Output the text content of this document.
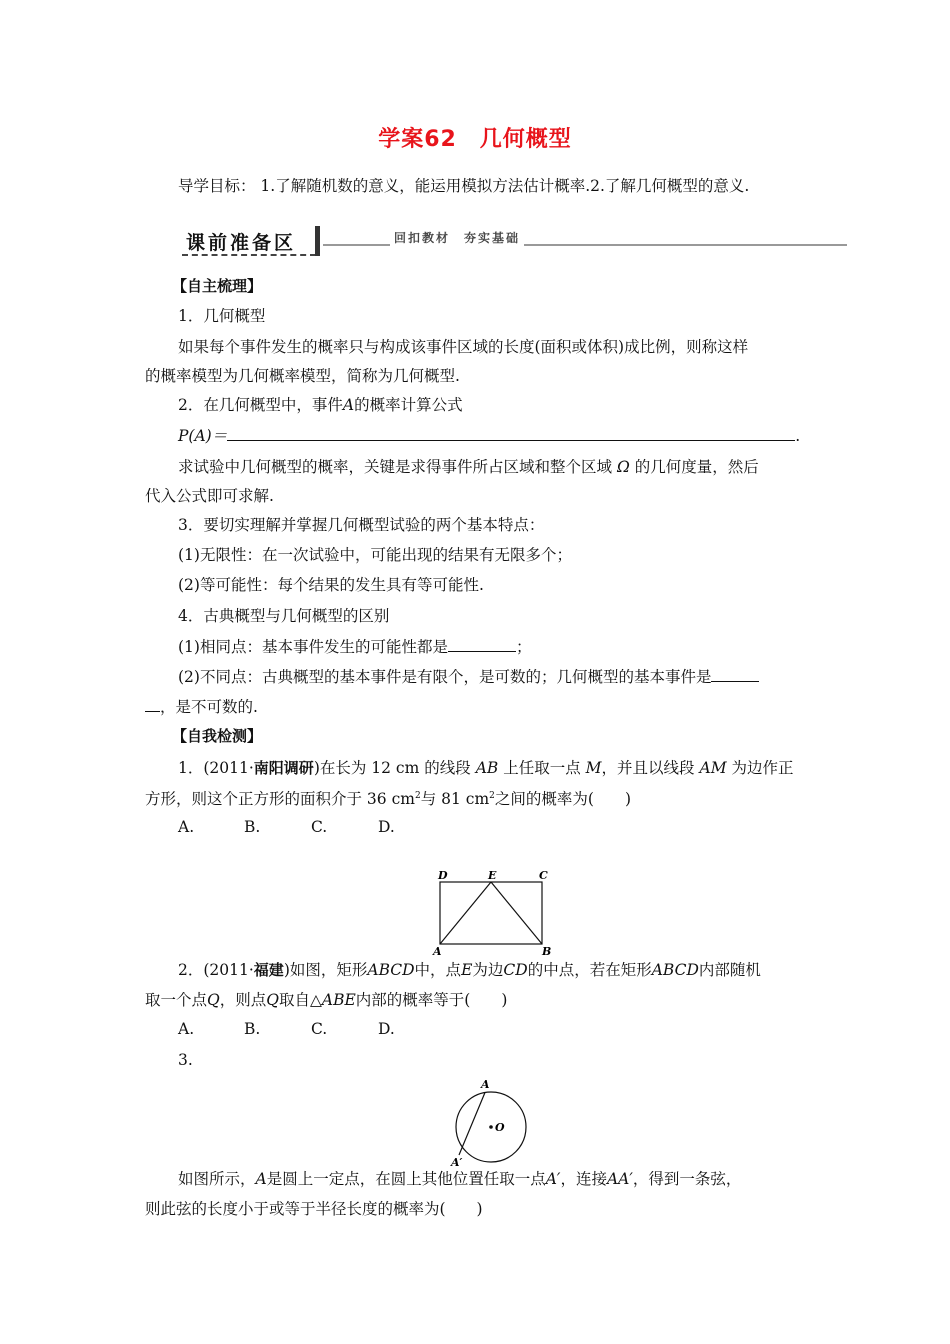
学案62　几何概型
导学目标： 1.了解随机数的意义，能运用模拟方法估计概率.2.了解几何概型的意义.
课前准备区	回扣教材　夯实基础
【自主梳理】
1．几何概型
如果每个事件发生的概率只与构成该事件区域的长度(面积或体积)成比例，则称这样
的概率模型为几何概率模型，简称为几何概型.
2．在几何概型中，事件A的概率计算公式
P(A)＝	.
求试验中几何概型的概率，关键是求得事件所占区域和整个区域 Ω 的几何度量，然后
代入公式即可求解.
3．要切实理解并掌握几何概型试验的两个基本特点：
(1)无限性：在一次试验中，可能出现的结果有无限多个；
(2)等可能性：每个结果的发生具有等可能性.
4．古典概型与几何概型的区别
(1)相同点：基本事件发生的可能性都是	；
(2)不同点：古典概型的基本事件是有限个，是可数的；几何概型的基本事件是
，是不可数的.
【自我检测】
1．(2011·南阳调研)在长为 12 cm 的线段 AB 上任取一点 M，并且以线段 AM 为边作正
方形，则这个正方形的面积介于 36 $cm^2$与 81 $cm^2$之间的概率为(　　)
A.	B.	C.	D.
D	E	C
A	B
2．(2011·福建)如图，矩形ABCD中，点E为边CD的中点，若在矩形ABCD内部随机
取一个点Q，则点Q取自△ABE内部的概率等于(　　)
A.	B.	C.	D.
3.
A
O
A′
如图所示，A是圆上一定点，在圆上其他位置任取一点A′，连接AA′，得到一条弦，
则此弦的长度小于或等于半径长度的概率为(　　)
